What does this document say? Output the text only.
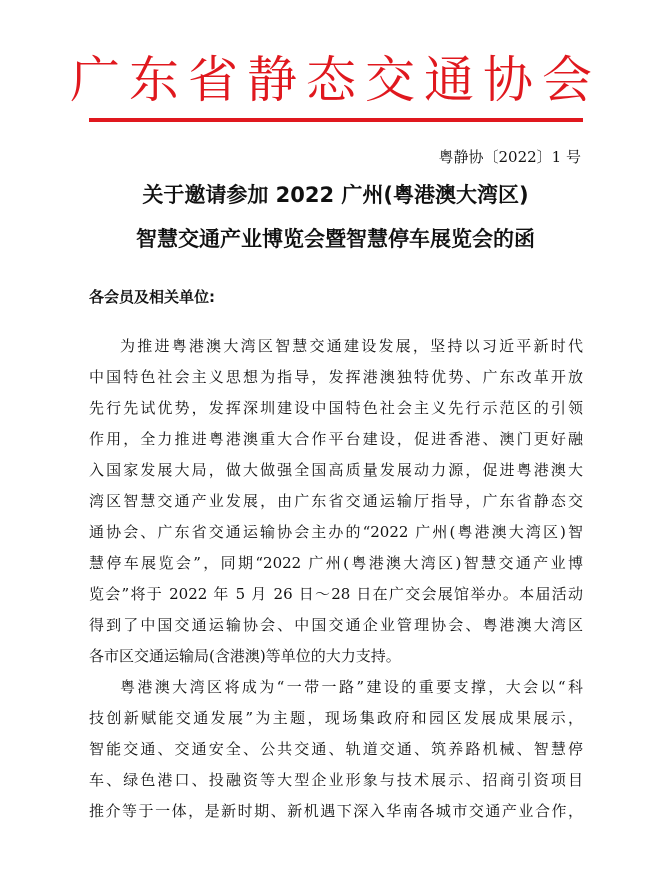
广东省静态交通协会
粤静协〔2022〕1 号
关于邀请参加 2022 广州(粤港澳大湾区)
智慧交通产业博览会暨智慧停车展览会的函
各会员及相关单位:
为推进粤港澳大湾区智慧交通建设发展，坚持以习近平新时代
中国特色社会主义思想为指导，发挥港澳独特优势、广东改革开放
先行先试优势，发挥深圳建设中国特色社会主义先行示范区的引领
作用，全力推进粤港澳重大合作平台建设，促进香港、澳门更好融
入国家发展大局，做大做强全国高质量发展动力源，促进粤港澳大
湾区智慧交通产业发展，由广东省交通运输厅指导，广东省静态交
通协会、广东省交通运输协会主办的“2022 广州(粤港澳大湾区)智
慧停车展览会”，同期“2022 广州(粤港澳大湾区)智慧交通产业博
览会”将于 2022 年 5 月 26 日～28 日在广交会展馆举办。本届活动
得到了中国交通运输协会、中国交通企业管理协会、粤港澳大湾区
各市区交通运输局(含港澳)等单位的大力支持。
粤港澳大湾区将成为“一带一路”建设的重要支撑，大会以“科
技创新赋能交通发展”为主题，现场集政府和园区发展成果展示，
智能交通、交通安全、公共交通、轨道交通、筑养路机械、智慧停
车、绿色港口、投融资等大型企业形象与技术展示、招商引资项目
推介等于一体，是新时期、新机遇下深入华南各城市交通产业合作，
